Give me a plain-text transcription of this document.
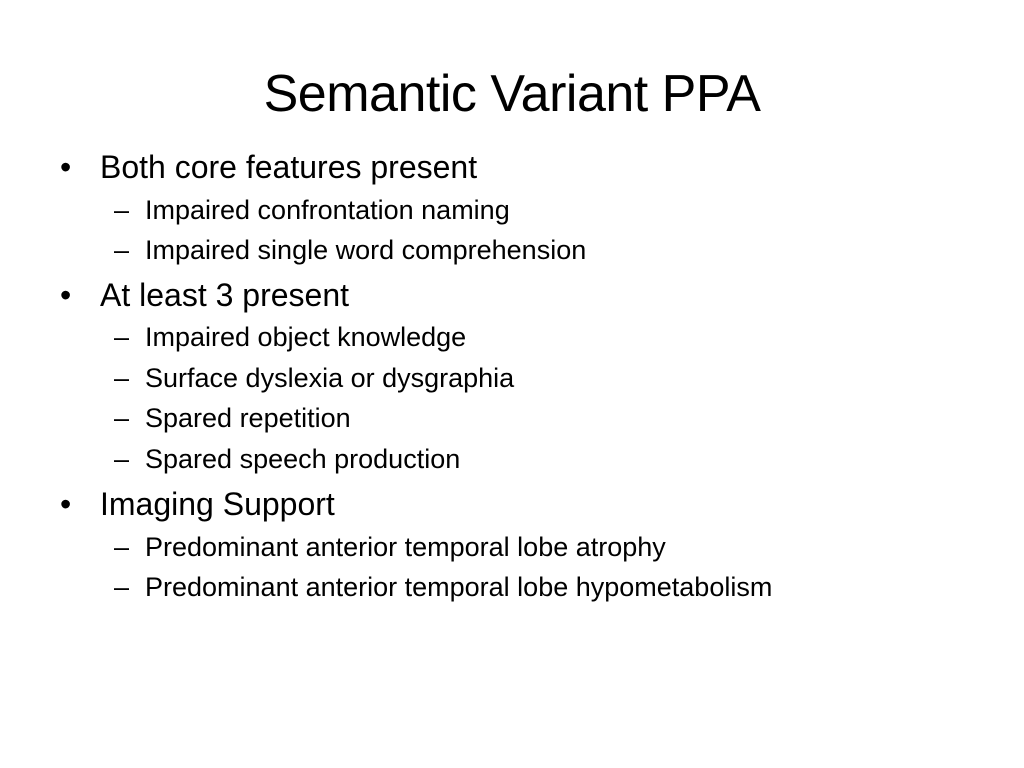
Semantic Variant PPA
• Both core features present
– Impaired confrontation naming
– Impaired single word comprehension
• At least 3 present
– Impaired object knowledge
– Surface dyslexia or dysgraphia
– Spared repetition
– Spared speech production
• Imaging Support
– Predominant anterior temporal lobe atrophy
– Predominant anterior temporal lobe hypometabolism
